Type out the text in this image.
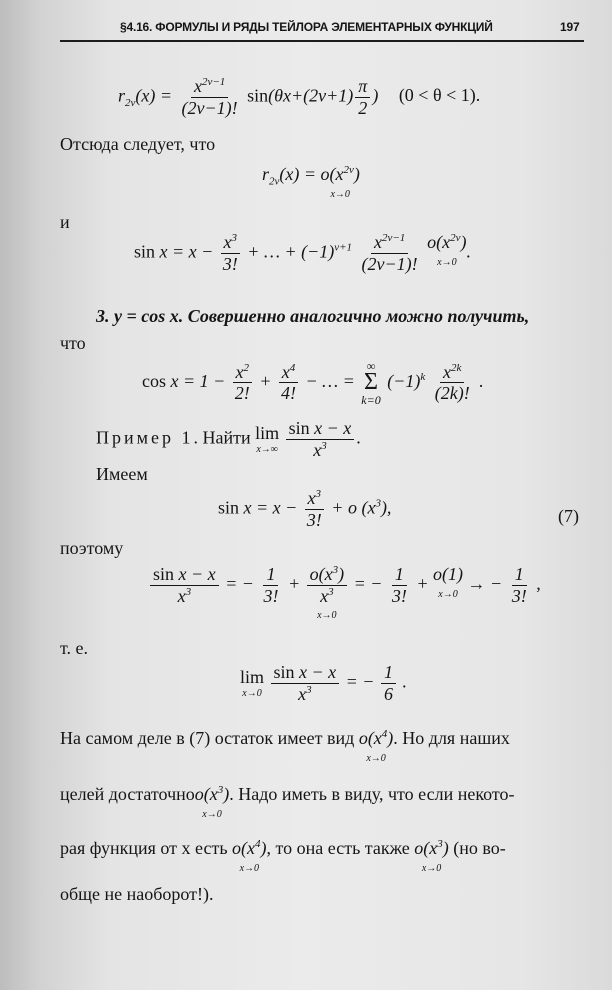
§4.16. ФОРМУЛЫ И РЯДЫ ТЕЙЛОРА ЭЛЕМЕНТАРНЫХ ФУНКЦИЙ	197
$r_{2\nu}(x) = \frac{x^{2\nu-1}}{(2\nu-1)!} \sin(\theta x+(2\nu+1) \frac{\pi}{2}$ ) (0 < θ < 1).
Отсюда следует, что
$r_{2\nu}(x) = o(x^{2\nu})$
x→0
и
$\sin x = x - \frac{x^3}{3!}$ + … + $(-1)^{\nu+1} \frac{x^{2\nu-1}}{(2\nu-1)!}$
$o(x^{2\nu})$
x→0
.
3. y = cos x. Совершенно аналогично можно получить,
что
$\cos x = 1 - \frac{x^2}{2!} + \frac{x^4}{4!}$ − … =
∞
Σ
k=0
$(-1)^k \frac{x^{2k}}{(2k)!}$ .
Пример 1. Найти lim
x→∞
$\frac{\text{sin x − x}}{x^3}$ .
Имеем
$\sin x = x - \frac{x^3}{3!} + o$ $(x^3)$,	(7)
поэтому
$\frac{\text{sin x − x}}{x^3}$ = − $\frac{1}{3!} + \frac{o(x^3)}{x^3}$
x→0
= − $\frac{1}{3!} + o(1)$
x→0
→ − $\frac{1}{3!}$ ,
т. е.
lim
x→0
$\frac{\text{sin x − x}}{x^3}$ = − $\frac{1}{6}$ .
На самом деле в (7) остаток имеет вид $o(x^4)$
x→0
. Но для наших
целей достаточно $o(x^3)$
x→0
. Надо иметь в виду, что если некото-
рая функция от x есть $o(x^4)$
x→0
, то она есть также $o(x^3)$
x→0
(но во-
обще не наоборот!).
